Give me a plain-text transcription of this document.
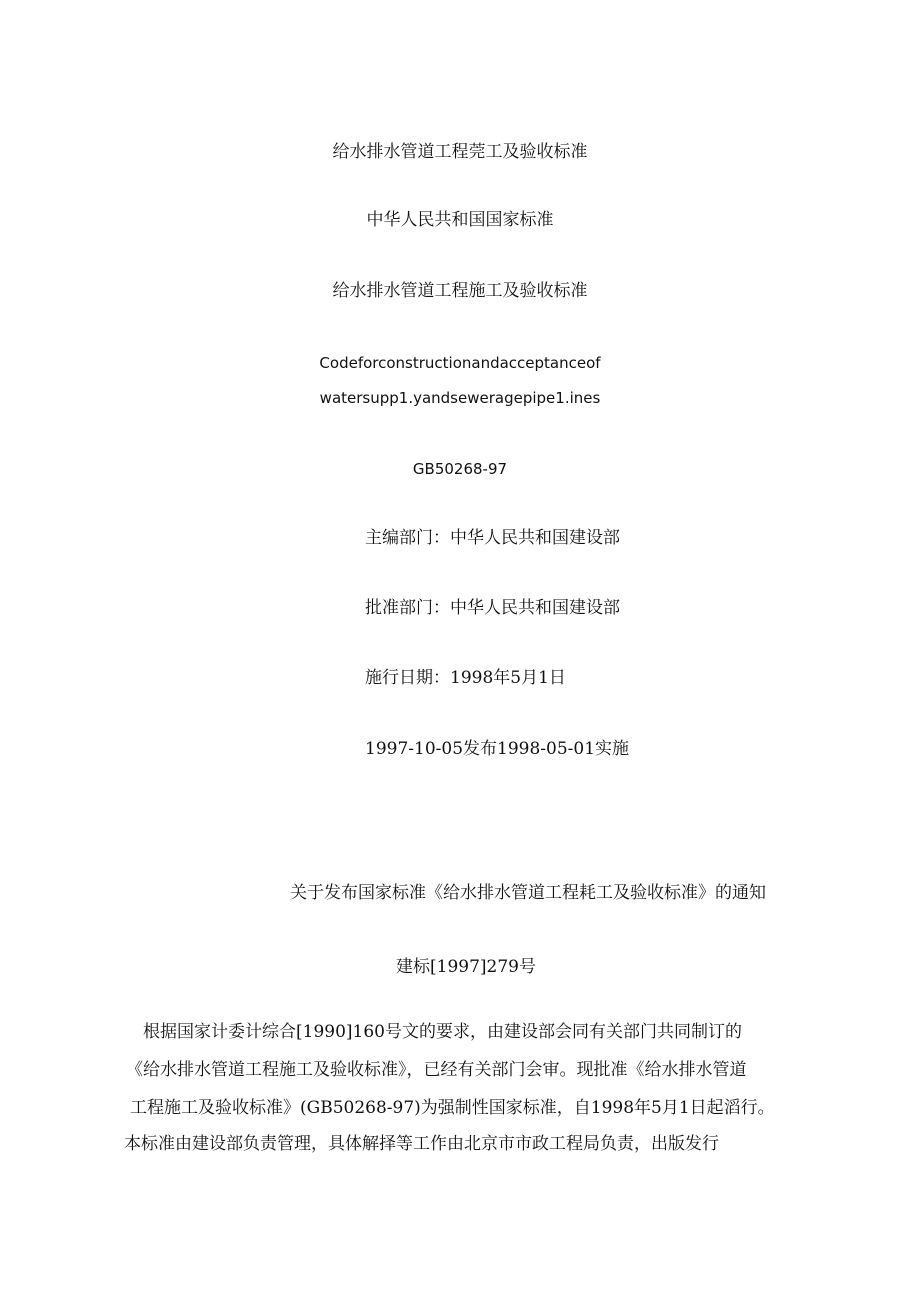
给水排水管道工程莞工及验收标准
中华人民共和国国家标准
给水排水管道工程施工及验收标准
Codeforconstructionandacceptanceof
watersupp1.yandseweragepipe1.ines
GB50268-97
主编部门：中华人民共和国建设部
批准部门：中华人民共和国建设部
施行日期：1998年5月1日
1997-10-05发布1998-05-01实施
关于发布国家标准《给水排水管道工程耗工及验收标准》的通知
建标[1997]279号
根据国家计委计综合[1990]160号文的要求，由建设部会同有关部门共同制订的
《给水排水管道工程施工及验收标准》，已经有关部门会审。现批准《给水排水管道
工程施工及验收标准》(GB50268-97)为强制性国家标准，自1998年5月1日起滔行。
本标准由建设部负责管理，具体解择等工作由北京市市政工程局负责，出版发行
